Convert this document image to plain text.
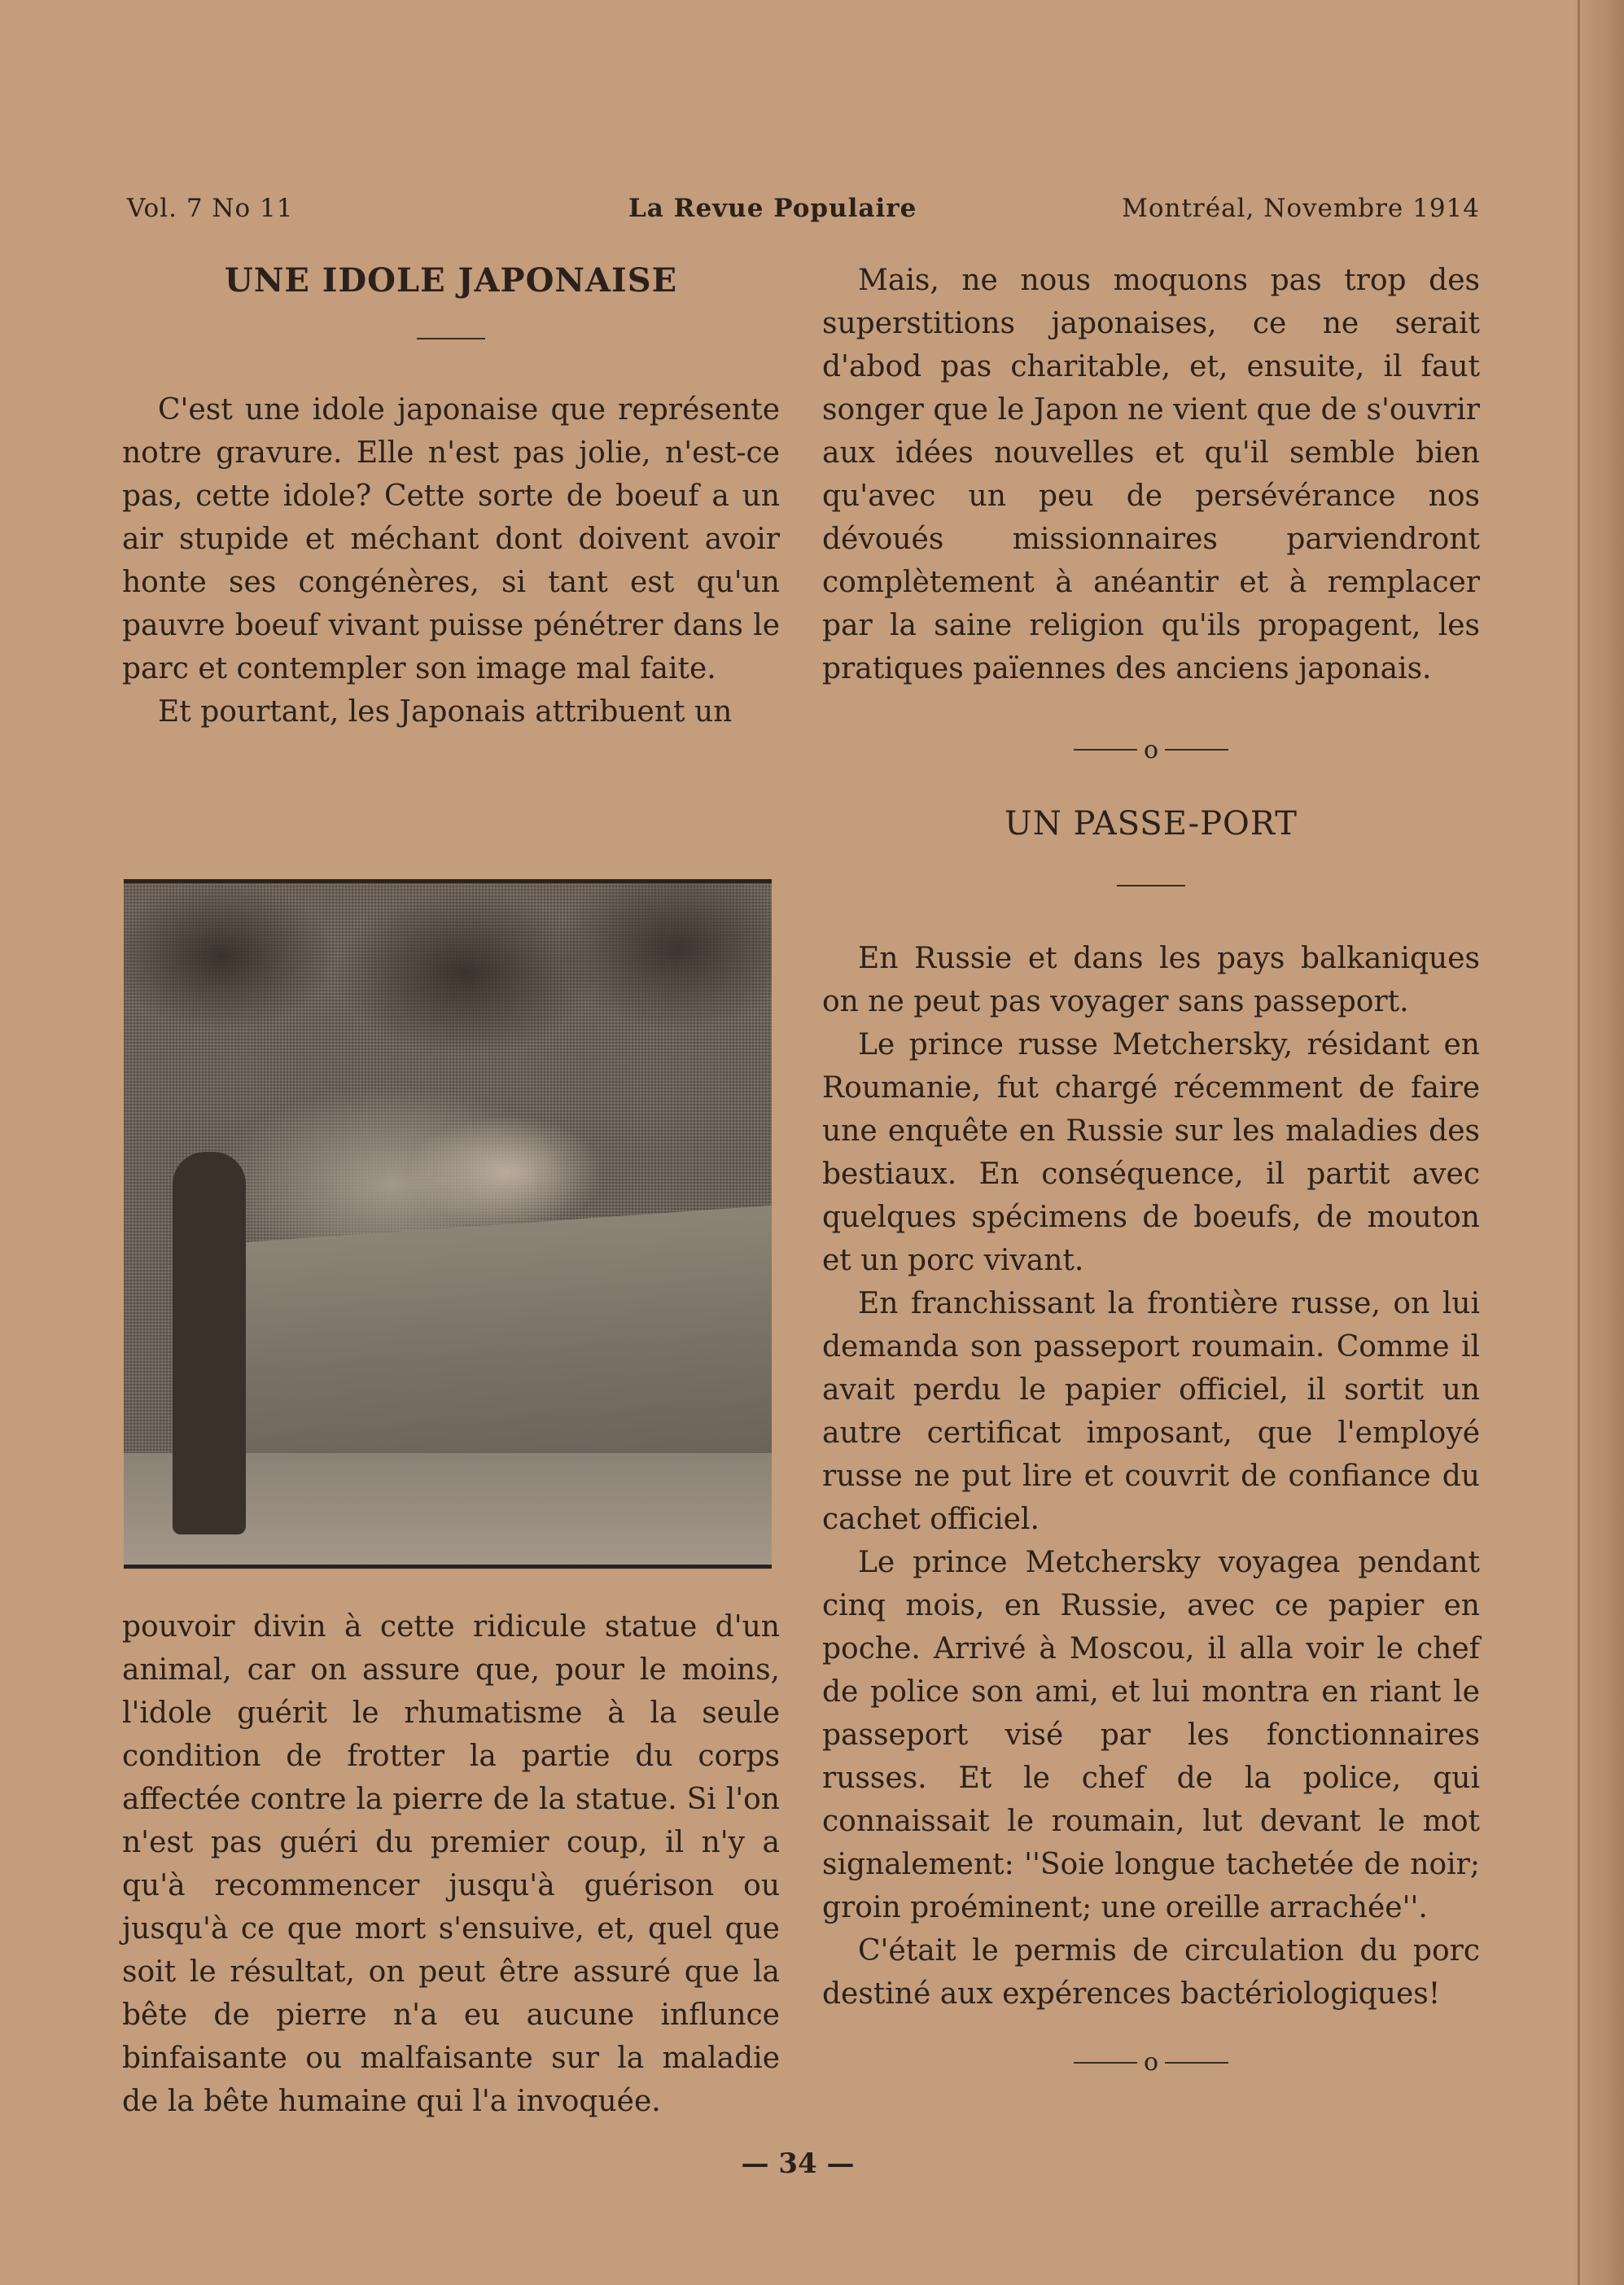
Vol. 7 No 11	La Revue Populaire	Montréal, Novembre 1914
UNE IDOLE JAPONAISE

C'est une idole japonaise que représente notre gravure. Elle n'est pas jolie, n'est-ce pas, cette idole? Cette sorte de boeuf a un air stupide et méchant dont doivent avoir honte ses congénères, si tant est qu'un pauvre boeuf vivant puisse pénétrer dans le parc et contempler son image mal faite.

Et pourtant, les Japonais attribuent un

pouvoir divin à cette ridicule statue d'un animal, car on assure que, pour le moins, l'idole guérit le rhumatisme à la seule condition de frotter la partie du corps affectée contre la pierre de la statue. Si l'on n'est pas guéri du premier coup, il n'y a qu'à recommencer jusqu'à guérison ou jusqu'à ce que mort s'ensuive, et, quel que soit le résultat, on peut être assuré que la bête de pierre n'a eu aucune influnce binfaisante ou malfaisante sur la maladie de la bête humaine qui l'a invoquée.

Mais, ne nous moquons pas trop des superstitions japonaises, ce ne serait d'abod pas charitable, et, ensuite, il faut songer que le Japon ne vient que de s'ouvrir aux idées nouvelles et qu'il semble bien qu'avec un peu de persévérance nos dévoués missionnaires parviendront complètement à anéantir et à remplacer par la saine religion qu'ils propagent, les pratiques païennes des anciens japonais.

o
UN PASSE-PORT

En Russie et dans les pays balkaniques on ne peut pas voyager sans passeport.

Le prince russe Metchersky, résidant en Roumanie, fut chargé récemment de faire une enquête en Russie sur les maladies des bestiaux. En conséquence, il partit avec quelques spécimens de boeufs, de mouton et un porc vivant.

En franchissant la frontière russe, on lui demanda son passeport roumain. Comme il avait perdu le papier officiel, il sortit un autre certificat imposant, que l'employé russe ne put lire et couvrit de confiance du cachet officiel.

Le prince Metchersky voyagea pendant cinq mois, en Russie, avec ce papier en poche. Arrivé à Moscou, il alla voir le chef de police son ami, et lui montra en riant le passeport visé par les fonctionnaires russes. Et le chef de la police, qui connaissait le roumain, lut devant le mot signalement: ''Soie longue tachetée de noir; groin proéminent; une oreille arrachée''.

C'était le permis de circulation du porc destiné aux expérences bactériologiques!

o
— 34 —
